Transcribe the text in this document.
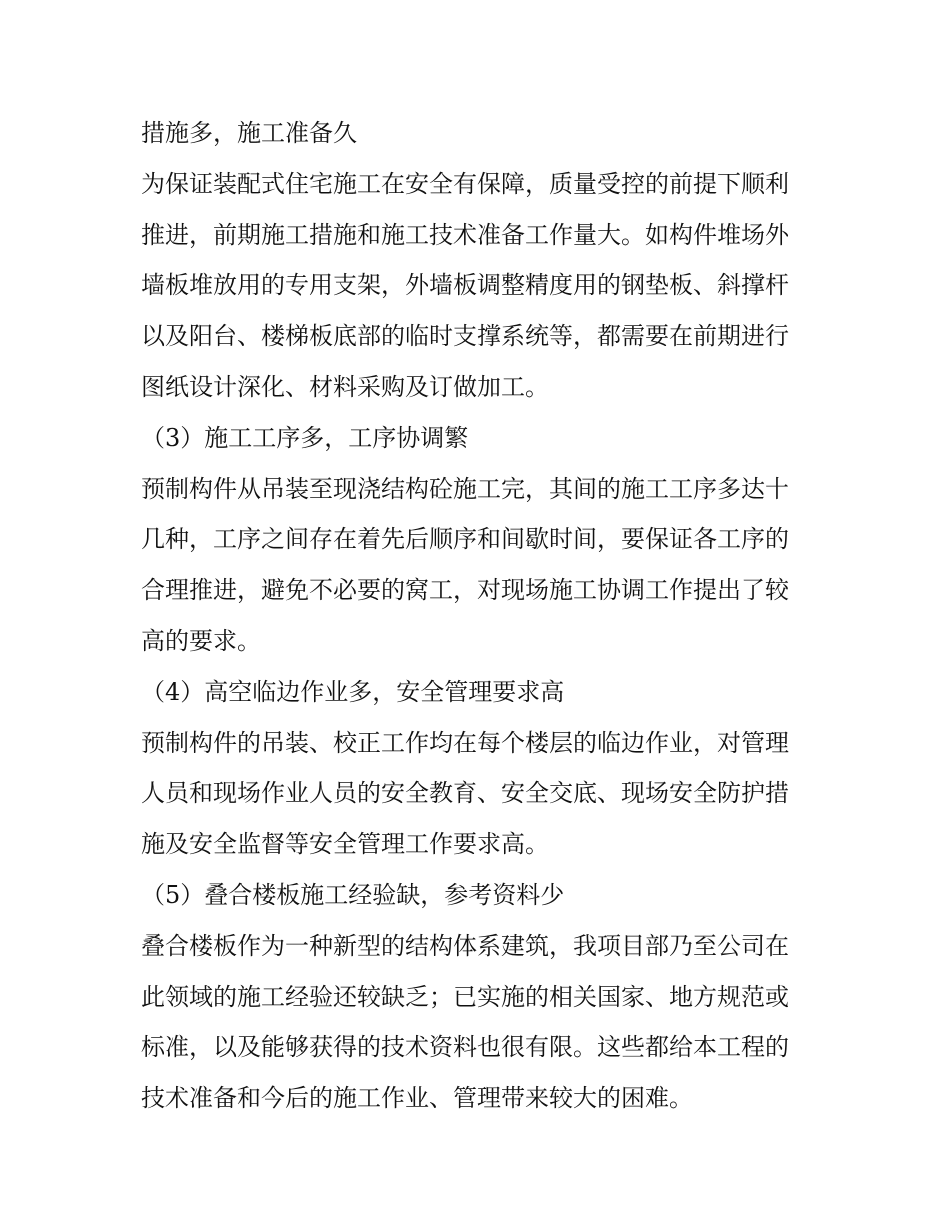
措施多，施工准备久
为保证装配式住宅施工在安全有保障，质量受控的前提下顺利
推进，前期施工措施和施工技术准备工作量大。如构件堆场外
墙板堆放用的专用支架，外墙板调整精度用的钢垫板、斜撑杆
以及阳台、楼梯板底部的临时支撑系统等，都需要在前期进行
图纸设计深化、材料采购及订做加工。
（3）施工工序多，工序协调繁
预制构件从吊装至现浇结构砼施工完，其间的施工工序多达十
几种，工序之间存在着先后顺序和间歇时间，要保证各工序的
合理推进，避免不必要的窝工，对现场施工协调工作提出了较
高的要求。
（4）高空临边作业多，安全管理要求高
预制构件的吊装、校正工作均在每个楼层的临边作业，对管理
人员和现场作业人员的安全教育、安全交底、现场安全防护措
施及安全监督等安全管理工作要求高。
（5）叠合楼板施工经验缺，参考资料少
叠合楼板作为一种新型的结构体系建筑，我项目部乃至公司在
此领域的施工经验还较缺乏；已实施的相关国家、地方规范或
标准，以及能够获得的技术资料也很有限。这些都给本工程的
技术准备和今后的施工作业、管理带来较大的困难。
